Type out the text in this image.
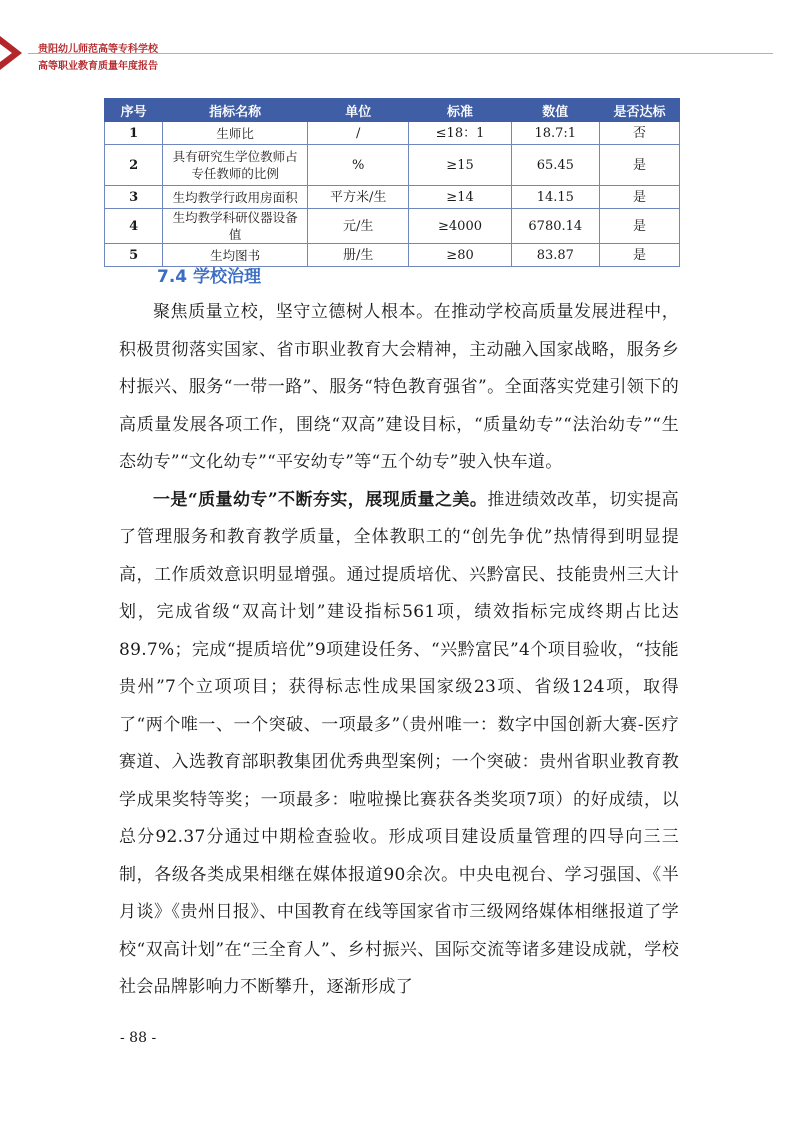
贵阳幼儿师范高等专科学校
高等职业教育质量年度报告
序号	指标名称	单位	标准	数值	是否达标
1	生师比	/	≤18：1	18.7:1	否
2	具有研究生学位教师占专任教师的比例	%	≥15	65.45	是
3	生均教学行政用房面积	平方米/生	≥14	14.15	是
4	生均教学科研仪器设备值	元/生	≥4000	6780.14	是
5	生均图书	册/生	≥80	83.87	是
7.4 学校治理

聚焦质量立校，坚守立德树人根本。在推动学校高质量发展进程中，积极贯彻落实国家、省市职业教育大会精神，主动融入国家战略，服务乡村振兴、服务“一带一路”、服务“特色教育强省”。全面落实党建引领下的高质量发展各项工作，围绕“双高”建设目标，“质量幼专”“法治幼专”“生态幼专”“文化幼专”“平安幼专”等“五个幼专”驶入快车道。

一是“质量幼专”不断夯实，展现质量之美。推进绩效改革，切实提高了管理服务和教育教学质量，全体教职工的“创先争优”热情得到明显提高，工作质效意识明显增强。通过提质培优、兴黔富民、技能贵州三大计划，完成省级“双高计划”建设指标561项，绩效指标完成终期占比达89.7%；完成“提质培优”9项建设任务、“兴黔富民”4个项目验收，“技能贵州”7个立项项目；获得标志性成果国家级23项、省级124项，取得了“两个唯一、一个突破、一项最多”（贵州唯一：数字中国创新大赛-医疗赛道、入选教育部职教集团优秀典型案例；一个突破：贵州省职业教育教学成果奖特等奖；一项最多：啦啦操比赛获各类奖项7项）的好成绩，以总分92.37分通过中期检查验收。形成项目建设质量管理的四导向三三制，各级各类成果相继在媒体报道90余次。中央电视台、学习强国、《半月谈》《贵州日报》、中国教育在线等国家省市三级网络媒体相继报道了学校“双高计划”在“三全育人”、乡村振兴、国际交流等诸多建设成就，学校社会品牌影响力不断攀升，逐渐形成了

- 88 -
